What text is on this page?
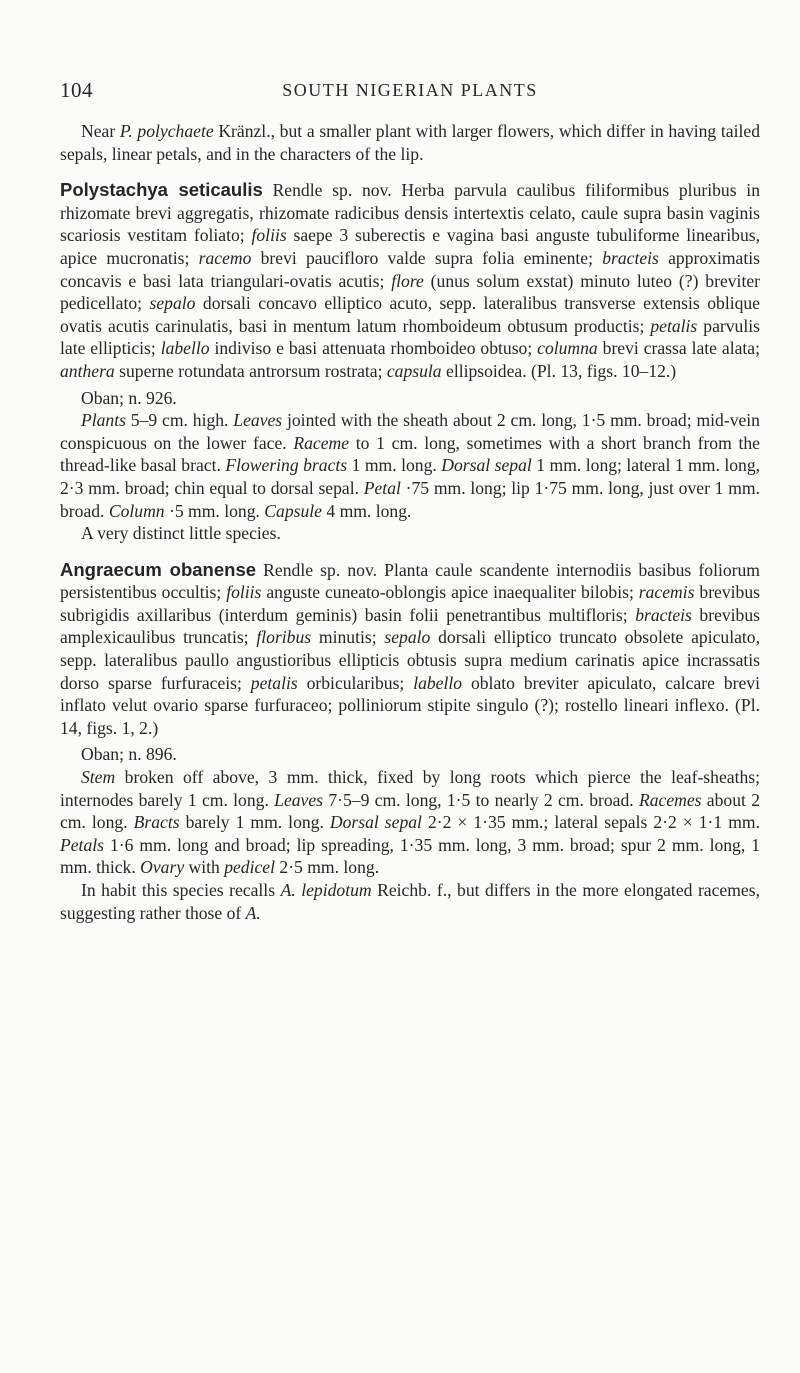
104	SOUTH NIGERIAN PLANTS

Near P. polychaete Kränzl., but a smaller plant with larger flowers, which differ in having tailed sepals, linear petals, and in the characters of the lip.

Polystachya seticaulis Rendle sp. nov. Herba parvula caulibus filiformibus pluribus in rhizomate brevi aggregatis, rhizomate radicibus densis intertextis celato, caule supra basin vaginis scariosis vestitam foliato; foliis saepe 3 suberectis e vagina basi anguste tubuliforme linearibus, apice mucronatis; racemo brevi paucifloro valde supra folia eminente; bracteis approximatis concavis e basi lata triangulari-ovatis acutis; flore (unus solum exstat) minuto luteo (?) breviter pedicellato; sepalo dorsali concavo elliptico acuto, sepp. lateralibus transverse extensis oblique ovatis acutis carinulatis, basi in mentum latum rhomboideum obtusum productis; petalis parvulis late ellipticis; labello indiviso e basi attenuata rhomboideo obtuso; columna brevi crassa late alata; anthera superne rotundata antrorsum rostrata; capsula ellipsoidea. (Pl. 13, figs. 10–12.)

Oban; n. 926.

Plants 5–9 cm. high. Leaves jointed with the sheath about 2 cm. long, 1·5 mm. broad; mid-vein conspicuous on the lower face. Raceme to 1 cm. long, sometimes with a short branch from the thread-like basal bract. Flowering bracts 1 mm. long. Dorsal sepal 1 mm. long; lateral 1 mm. long, 2·3 mm. broad; chin equal to dorsal sepal. Petal ·75 mm. long; lip 1·75 mm. long, just over 1 mm. broad. Column ·5 mm. long. Capsule 4 mm. long.

A very distinct little species.

Angraecum obanense Rendle sp. nov. Planta caule scandente internodiis basibus foliorum persistentibus occultis; foliis anguste cuneato-oblongis apice inaequaliter bilobis; racemis brevibus subrigidis axillaribus (interdum geminis) basin folii penetrantibus multifloris; bracteis brevibus amplexicaulibus truncatis; floribus minutis; sepalo dorsali elliptico truncato obsolete apiculato, sepp. lateralibus paullo angustioribus ellipticis obtusis supra medium carinatis apice incrassatis dorso sparse furfuraceis; petalis orbicularibus; labello oblato breviter apiculato, calcare brevi inflato velut ovario sparse furfuraceo; polliniorum stipite singulo (?); rostello lineari inflexo. (Pl. 14, figs. 1, 2.)

Oban; n. 896.

Stem broken off above, 3 mm. thick, fixed by long roots which pierce the leaf-sheaths; internodes barely 1 cm. long. Leaves 7·5–9 cm. long, 1·5 to nearly 2 cm. broad. Racemes about 2 cm. long. Bracts barely 1 mm. long. Dorsal sepal 2·2 × 1·35 mm.; lateral sepals 2·2 × 1·1 mm. Petals 1·6 mm. long and broad; lip spreading, 1·35 mm. long, 3 mm. broad; spur 2 mm. long, 1 mm. thick. Ovary with pedicel 2·5 mm. long.

In habit this species recalls A. lepidotum Reichb. f., but differs in the more elongated racemes, suggesting rather those of A.
